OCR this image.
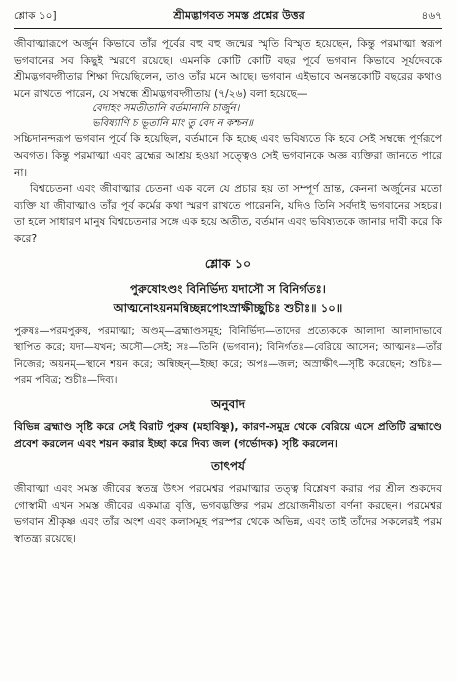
শ্লোক ১০]	শ্রীমদ্ভাগবত সমস্ত প্রশ্নের উত্তর	৪৬৭

জীবাত্মারূপে অর্জুন কিভাবে তাঁর পূর্বের বহু বহু জন্মের স্মৃতি বিস্মৃত হয়েছেন, কিন্তু পরমাত্মা স্বরূপ ভগবানের সব কিছুই স্মরণে রয়েছে। এমনকি কোটি কোটি বছর পূর্বে ভগবান কিভাবে সূর্যদেবকে শ্রীমদ্ভগবদ্গীতার শিক্ষা দিয়েছিলেন, তাও তাঁর মনে আছে। ভগবান এইভাবে অনন্তকোটি বছরের কথাও মনে রাখতে পারেন, যে সম্বন্ধে শ্রীমদ্ভগবদ্গীতায় (৭/২৬) বলা হয়েছে—

বেদাহং সমতীতানি বর্তমানানি চার্জুন।
ভবিষ্যাণি চ ভূতানি মাং তু বেদ ন কশ্চন॥

সচ্চিদানন্দরূপ ভগবান পূর্বে কি হয়েছিল, বর্তমানে কি হচ্ছে এবং ভবিষ্যতে কি হবে সেই সম্বন্ধে পূর্ণরূপে অবগত। কিন্তু পরমাত্মা এবং ব্রহ্মের আশ্রয় হওয়া সত্ত্বেও সেই ভগবানকে অজ্ঞ ব্যক্তিরা জানতে পারে না।

বিশ্বচেতনা এবং জীবাত্মার চেতনা এক বলে যে প্রচার হয় তা সম্পূর্ণ ভ্রান্ত, কেননা অর্জুনের মতো ব্যক্তি যা জীবাত্মাও তাঁর পূর্ব কর্মের কথা স্মরণ রাখতে পারেননি, যদিও তিনি সর্বদাই ভগবানের সহচর। তা হলে সাধারণ মানুষ বিশ্বচেতনার সঙ্গে এক হয়ে অতীত, বর্তমান এবং ভবিষ্যতকে জানার দাবী করে কি করে?

শ্লোক ১০
পুরুষোঽণ্ডং বিনির্ভিদ্য যদাসৌ স বিনির্গতঃ।
আত্মনোঽয়নমন্বিচ্ছন্নপোঽস্রাক্ষীচ্ছুচিঃ শুচীঃ॥ ১০॥
পুরুষঃ—পরমপুরুষ, পরমাত্মা; অণ্ডম্—ব্রহ্মাণ্ডসমূহ; বিনির্ভিদ্য—তাদের প্রত্যেককে আলাদা আলাদাভাবে স্থাপিত করে; যদা—যখন; অসৌ—সেই; সঃ—তিনি (ভগবান); বিনির্গতঃ—বেরিয়ে আসেন; আত্মনঃ—তাঁর নিজের; অয়নম্—স্থানে শয়ন করে; অন্বিচ্ছন্—ইচ্ছা করে; অপঃ—জল; অস্রাক্ষীৎ—সৃষ্টি করেছেন; শুচিঃ—পরম পবিত্র; শুচীঃ—দিব্য।
অনুবাদ
বিভিন্ন ব্রহ্মাণ্ড সৃষ্টি করে সেই বিরাট পুরুষ (মহাবিষ্ণু), কারণ-সমুদ্র থেকে বেরিয়ে এসে প্রতিটি ব্রহ্মাণ্ডে প্রবেশ করলেন এবং শয়ন করার ইচ্ছা করে দিব্য জল (গর্ভোদক) সৃষ্টি করলেন।
তাৎপর্য

জীবাত্মা এবং সমস্ত জীবের স্বতন্ত্র উৎস পরমেশ্বর পরমাত্মার তত্ত্ব বিশ্লেষণ করার পর শ্রীল শুকদেব গোস্বামী এখন সমস্ত জীবের একমাত্র বৃত্তি, ভগবদ্ভক্তির পরম প্রয়োজনীয়তা বর্ণনা করছেন। পরমেশ্বর ভগবান শ্রীকৃষ্ণ এবং তাঁর অংশ এবং কলাসমূহ পরস্পর থেকে অভিন্ন, এবং তাই তাঁদের সকলেরই পরম স্বাতন্ত্র্য রয়েছে।
